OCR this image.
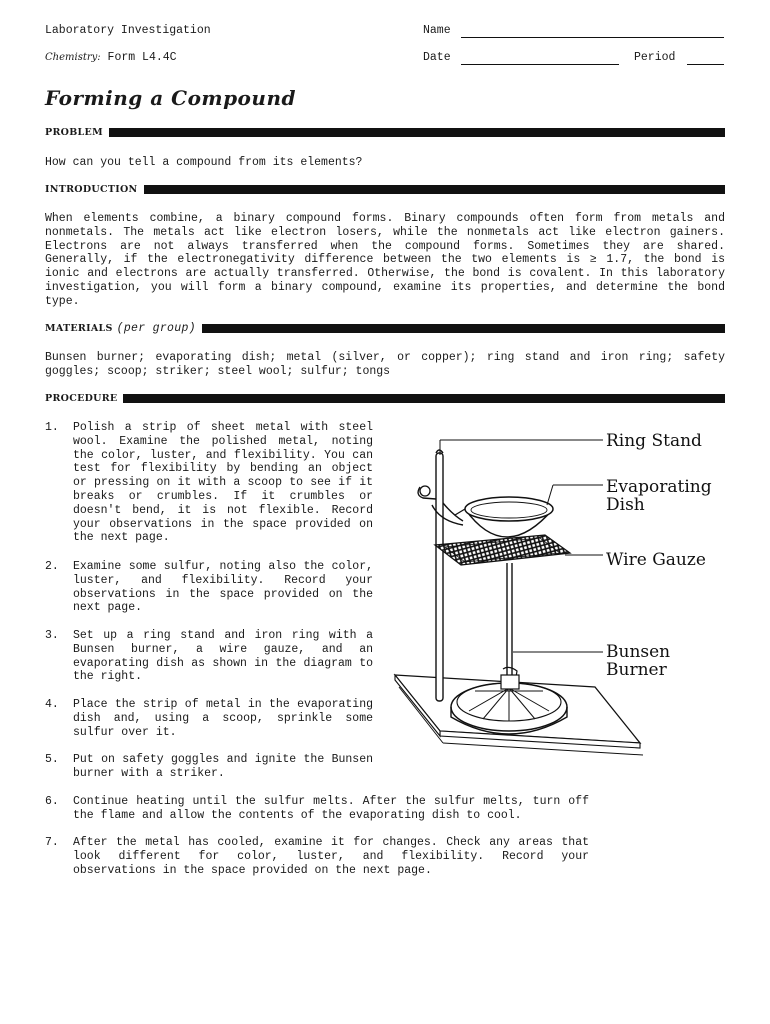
Laboratory Investigation	Name
Chemistry: Form L4.4C	Date	Period
Forming a Compound
PROBLEM
How can you tell a compound from its elements?
INTRODUCTION
When elements combine, a binary compound forms. Binary compounds often form from metals and nonmetals. The metals act like electron losers, while the nonmetals act like electron gainers. Electrons are not always transferred when the compound forms. Sometimes they are shared. Generally, if the electronegativity difference between the two elements is ≥ 1.7, the bond is ionic and electrons are actually transferred. Otherwise, the bond is covalent. In this laboratory investigation, you will form a binary compound, examine its properties, and determine the bond type.
MATERIALS (per group)
Bunsen burner; evaporating dish; metal (silver, or copper); ring stand and iron ring; safety goggles; scoop; striker; steel wool; sulfur; tongs
PROCEDURE
1.	Polish a strip of sheet metal with steel wool. Examine the polished metal, noting the color, luster, and flexibility. You can test for flexibility by bending an object or pressing on it with a scoop to see if it breaks or crumbles. If it crumbles or doesn't bend, it is not flexible. Record your observations in the space provided on the next page.
2.	Examine some sulfur, noting also the color, luster, and flexibility. Record your observations in the space provided on the next page.
3.	Set up a ring stand and iron ring with a Bunsen burner, a wire gauze, and an evaporating dish as shown in the diagram to the right.
4.	Place the strip of metal in the evaporating dish and, using a scoop, sprinkle some sulfur over it.
5.	Put on safety goggles and ignite the Bunsen burner with a striker.
6.	Continue heating until the sulfur melts. After the sulfur melts, turn off the flame and allow the contents of the evaporating dish to cool.
7.	After the metal has cooled, examine it for changes. Check any areas that look different for color, luster, and flexibility. Record your observations in the space provided on the next page.
Ring Stand
Evaporating
Dish
Wire Gauze
Bunsen
Burner
